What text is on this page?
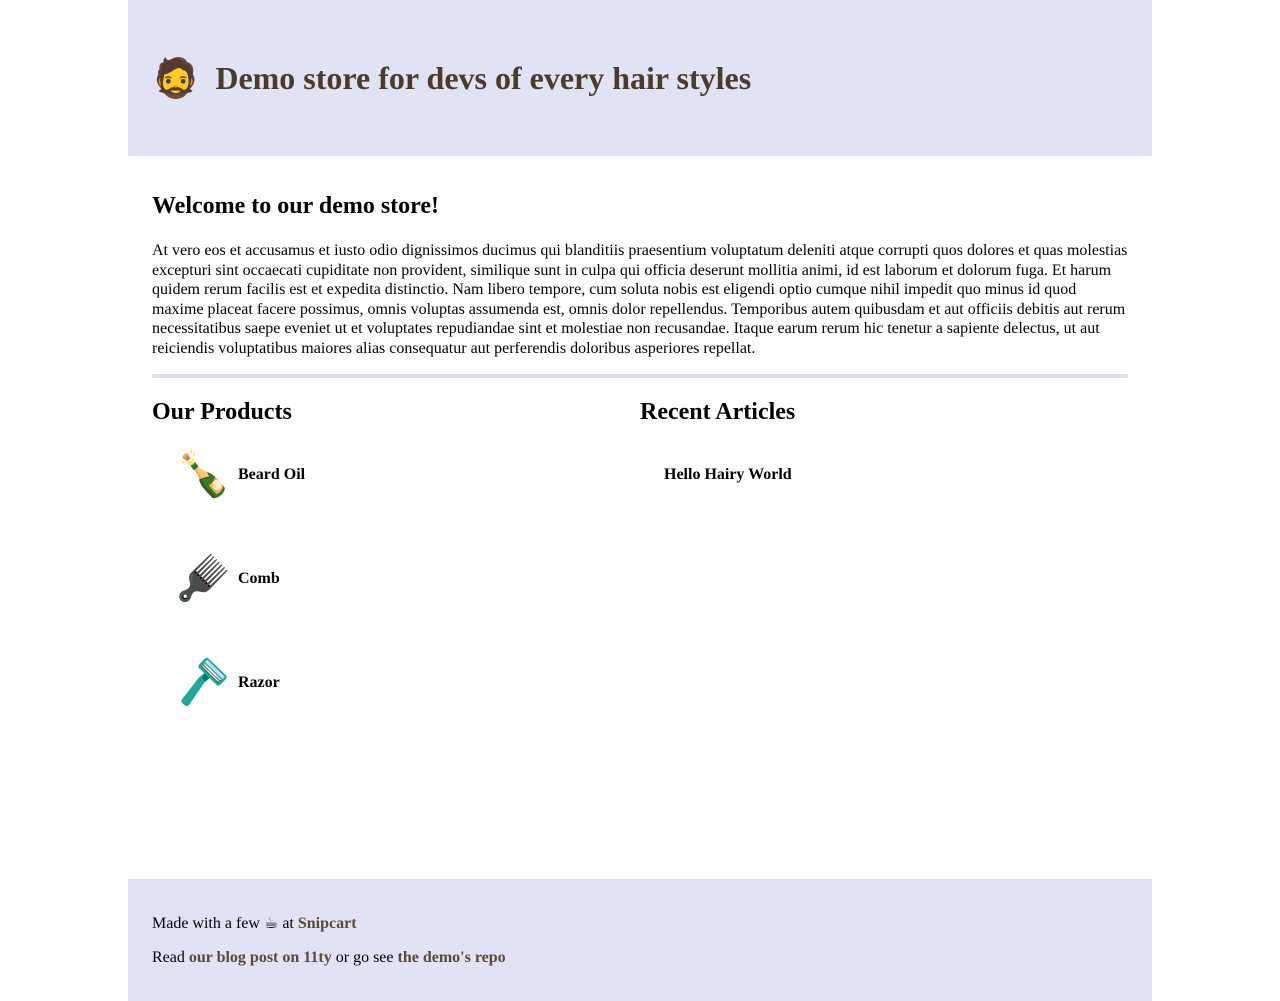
🧔 Demo store for devs of every hair styles
Welcome to our demo store!

At vero eos et accusamus et iusto odio dignissimos ducimus qui blanditiis praesentium voluptatum deleniti atque corrupti quos dolores et quas molestias excepturi sint occaecati cupiditate non provident, similique sunt in culpa qui officia deserunt mollitia animi, id est laborum et dolorum fuga. Et harum quidem rerum facilis est et expedita distinctio. Nam libero tempore, cum soluta nobis est eligendi optio cumque nihil impedit quo minus id quod maxime placeat facere possimus, omnis voluptas assumenda est, omnis dolor repellendus. Temporibus autem quibusdam et aut officiis debitis aut rerum necessitatibus saepe eveniet ut et voluptates repudiandae sint et molestiae non recusandae. Itaque earum rerum hic tenetur a sapiente delectus, ut aut reiciendis voluptatibus maiores alias consequatur aut perferendis doloribus asperiores repellat.

Our Products
🍾 Beard Oil
🪮 Comb
🪒 Razor
Recent Articles
Hello Hairy World

Made with a few ☕ at Snipcart

Read our blog post on 11ty or go see the demo's repo
